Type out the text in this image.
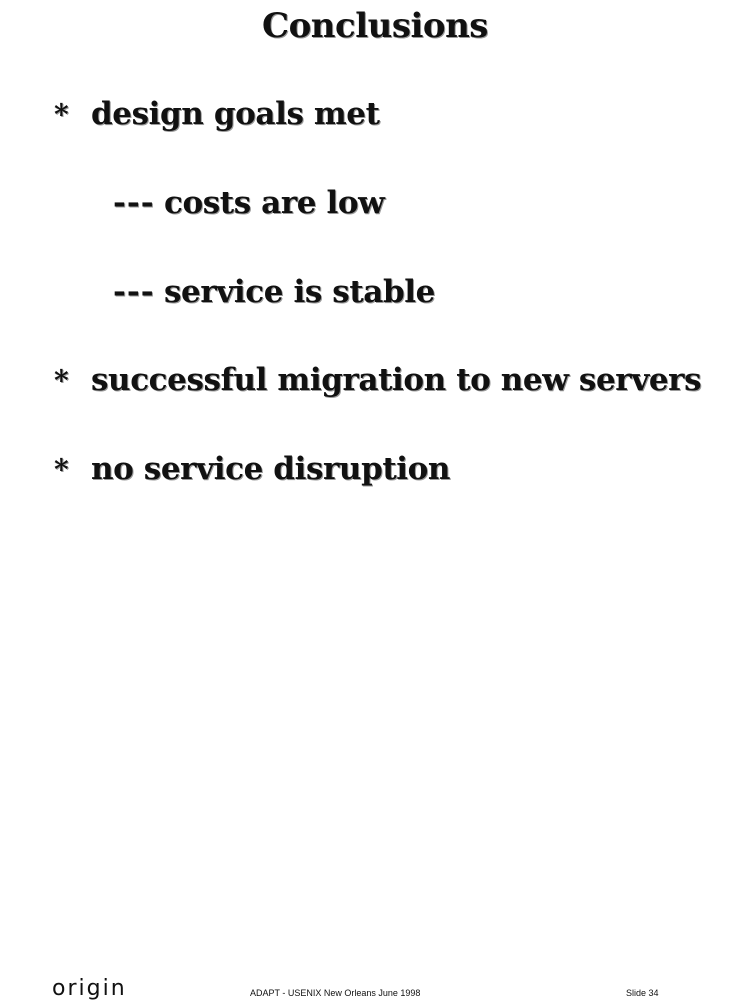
Conclusions
* design goals met
--- costs are low
--- service is stable
* successful migration to new servers
* no service disruption
origin	ADAPT - USENIX New Orleans June 1998	Slide 34
